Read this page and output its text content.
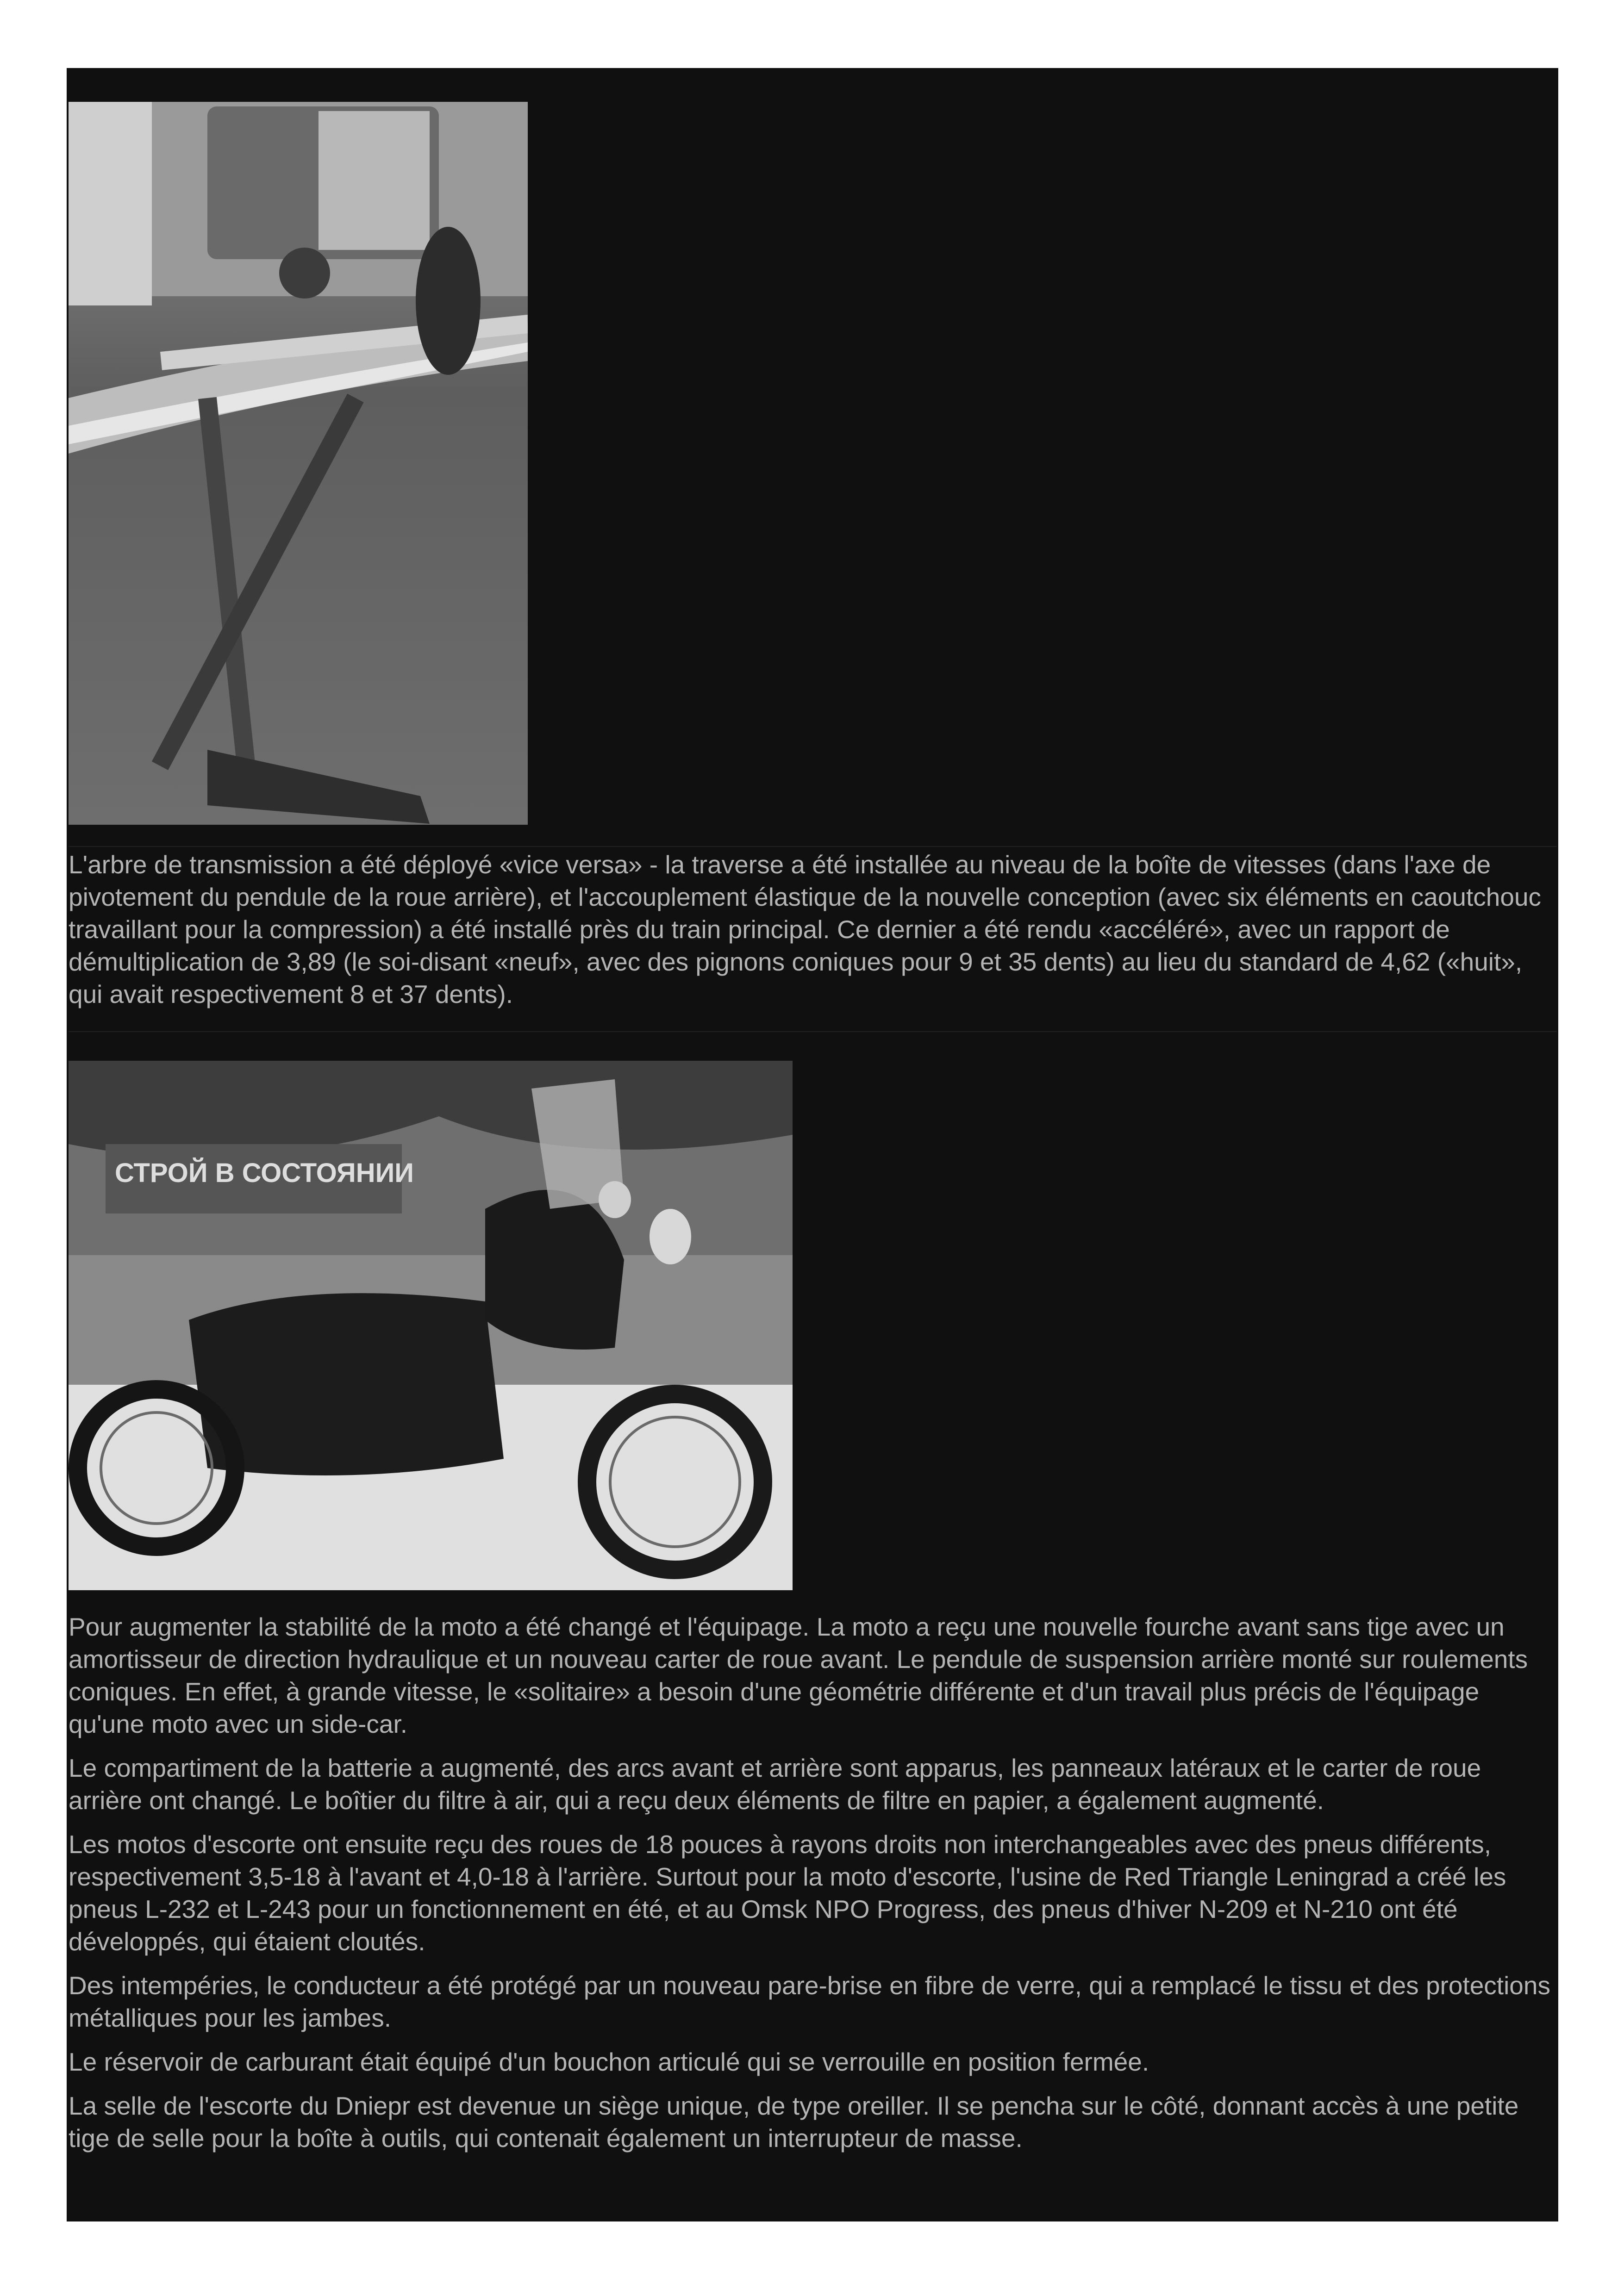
L'arbre de transmission a été déployé «vice versa» - la traverse a été installée au niveau de la boîte de vitesses (dans l'axe de pivotement du pendule de la roue arrière), et l'accouplement élastique de la nouvelle conception (avec six éléments en caoutchouc travaillant pour la compression) a été installé près du train principal. Ce dernier a été rendu «accéléré», avec un rapport de démultiplication de 3,89 (le soi-disant «neuf», avec des pignons coniques pour 9 et 35 dents) au lieu du standard de 4,62 («huit», qui avait respectivement 8 et 37 dents).

СТРОЙ В СОСТОЯНИИ

Pour augmenter la stabilité de la moto a été changé et l'équipage. La moto a reçu une nouvelle fourche avant sans tige avec un amortisseur de direction hydraulique et un nouveau carter de roue avant. Le pendule de suspension arrière monté sur roulements coniques. En effet, à grande vitesse, le «solitaire» a besoin d'une géométrie différente et d'un travail plus précis de l'équipage qu'une moto avec un side-car.

Le compartiment de la batterie a augmenté, des arcs avant et arrière sont apparus, les panneaux latéraux et le carter de roue arrière ont changé. Le boîtier du filtre à air, qui a reçu deux éléments de filtre en papier, a également augmenté.

Les motos d'escorte ont ensuite reçu des roues de 18 pouces à rayons droits non interchangeables avec des pneus différents, respectivement 3,5-18 à l'avant et 4,0-18 à l'arrière. Surtout pour la moto d'escorte, l'usine de Red Triangle Leningrad a créé les pneus L-232 et L-243 pour un fonctionnement en été, et au Omsk NPO Progress, des pneus d'hiver N-209 et N-210 ont été développés, qui étaient cloutés.

Des intempéries, le conducteur a été protégé par un nouveau pare-brise en fibre de verre, qui a remplacé le tissu et des protections métalliques pour les jambes.

Le réservoir de carburant était équipé d'un bouchon articulé qui se verrouille en position fermée.

La selle de l'escorte du Dniepr est devenue un siège unique, de type oreiller. Il se pencha sur le côté, donnant accès à une petite tige de selle pour la boîte à outils, qui contenait également un interrupteur de masse.
